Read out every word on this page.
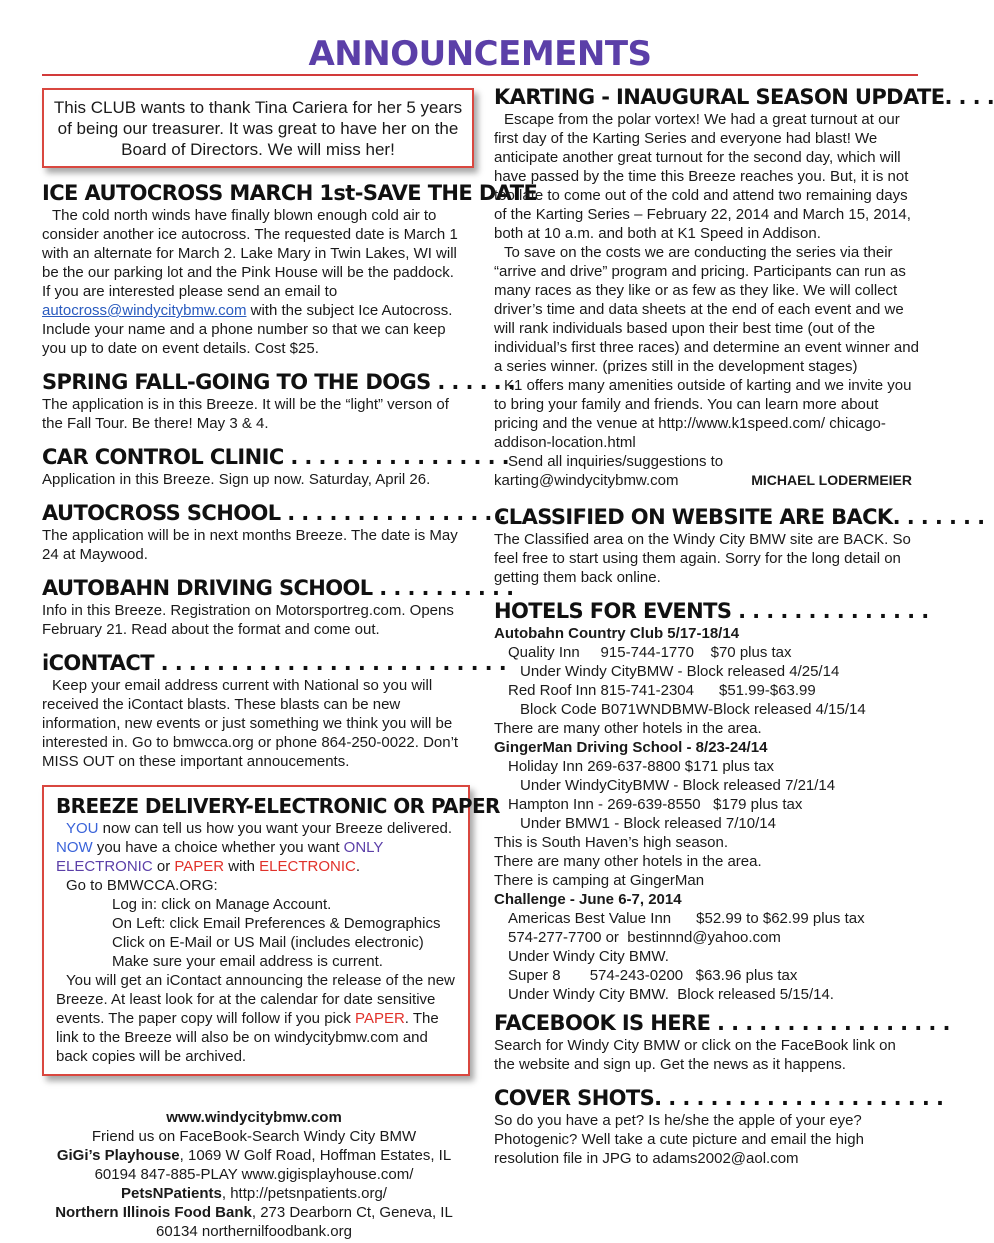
ANNOUNCEMENTS
This CLUB wants to thank Tina Cariera for her 5 years of being our treasurer. It was great to have her on the Board of Directors. We will miss her!
ICE AUTOCROSS MARCH 1st-SAVE THE DATE

The cold north winds have finally blown enough cold air to consider another ice autocross. The requested date is March 1 with an alternate for March 2. Lake Mary in Twin Lakes, WI will be the our parking lot and the Pink House will be the paddock. If you are interested please send an email to autocross@windycitybmw.com with the subject Ice Autocross. Include your name and a phone number so that we can keep you up to date on event details. Cost $25.

SPRING FALL-GOING TO THE DOGS . . . . . .

The application is in this Breeze. It will be the “light” verson of the Fall Tour. Be there! May 3 & 4.

CAR CONTROL CLINIC . . . . . . . . . . . . . . . .

Application in this Breeze. Sign up now. Saturday, April 26.

AUTOCROSS SCHOOL . . . . . . . . . . . . . . . .

The application will be in next months Breeze. The date is May 24 at Maywood.

AUTOBAHN DRIVING SCHOOL . . . . . . . . . .

Info in this Breeze. Registration on Motorsportreg.com. Opens February 21. Read about the format and come out.

iCONTACT . . . . . . . . . . . . . . . . . . . . . . . . .

Keep your email address current with National so you will received the iContact blasts. These blasts can be new information, new events or just something we think you will be interested in. Go to bmwcca.org or phone 864-250-0022. Don’t MISS OUT on these important annoucements.

BREEZE DELIVERY-ELECTRONIC OR PAPER

YOU now can tell us how you want your Breeze delivered. NOW you have a choice whether you want ONLY ELECTRONIC or PAPER with ELECTRONIC.

Go to BMWCCA.ORG:

Log in: click on Manage Account.

On Left: click Email Preferences & Demographics

Click on E-Mail or US Mail (includes electronic)

Make sure your email address is current.

You will get an iContact announcing the release of the new Breeze. At least look for at the calendar for date sensitive events. The paper copy will follow if you pick PAPER. The link to the Breeze will also be on windycitybmw.com and back copies will be archived.

www.windycitybmw.com

Friend us on FaceBook-Search Windy City BMW

GiGi’s Playhouse, 1069 W Golf Road, Hoffman Estates, IL 60194 847-885-PLAY www.gigisplayhouse.com/

PetsNPatients, http://petsnpatients.org/

Northern Illinois Food Bank, 273 Dearborn Ct, Geneva, IL 60134 northernilfoodbank.org

KARTING - INAUGURAL SEASON UPDATE. . . .

Escape from the polar vortex! We had a great turnout at our first day of the Karting Series and everyone had blast! We anticipate another great turnout for the second day, which will have passed by the time this Breeze reaches you. But, it is not too late to come out of the cold and attend two remaining days of the Karting Series – February 22, 2014 and March 15, 2014, both at 10 a.m. and both at K1 Speed in Addison.

To save on the costs we are conducting the series via their “arrive and drive” program and pricing. Participants can run as many races as they like or as few as they like. We will collect driver’s time and data sheets at the end of each event and we will rank individuals based upon their best time (out of the individual’s first three races) and determine an event winner and a series winner. (prizes still in the development stages)

K1 offers many amenities outside of karting and we invite you to bring your family and friends. You can learn more about pricing and the venue at http://www.k1speed.com/ chicago-addison-location.html

Send all inquiries/suggestions to

karting@windycitybmw.com	MICHAEL LODERMEIER

CLASSIFIED ON WEBSITE ARE BACK. . . . . . .

The Classified area on the Windy City BMW site are BACK. So feel free to start using them again. Sorry for the long detail on getting them back online.

HOTELS FOR EVENTS . . . . . . . . . . . . . .

Autobahn Country Club 5/17-18/14

Quality Inn     915-744-1770    $70 plus tax

Under Windy CityBMW - Block released 4/25/14

Red Roof Inn 815-741-2304      $51.99-$63.99

Block Code B071WNDBMW-Block released 4/15/14

There are many other hotels in the area.

GingerMan Driving School - 8/23-24/14

Holiday Inn 269-637-8800 $171 plus tax

Under WindyCityBMW - Block released 7/21/14

Hampton Inn - 269-639-8550   $179 plus tax

Under BMW1 - Block released 7/10/14

This is South Haven’s high season.

There are many other hotels in the area.

There is camping at GingerMan

Challenge - June 6-7, 2014

Americas Best Value Inn      $52.99 to $62.99 plus tax

574-277-7700 or  bestinnnd@yahoo.com

Under Windy City BMW.

Super 8       574-243-0200   $63.96 plus tax

Under Windy City BMW.  Block released 5/15/14.

FACEBOOK IS HERE . . . . . . . . . . . . . . . . .

Search for Windy City BMW or click on the FaceBook link on the website and sign up. Get the news as it happens.

COVER SHOTS. . . . . . . . . . . . . . . . . . . . .

So do you have a pet? Is he/she the apple of your eye? Photogenic? Well take a cute picture and email the high resolution file in JPG to adams2002@aol.com
